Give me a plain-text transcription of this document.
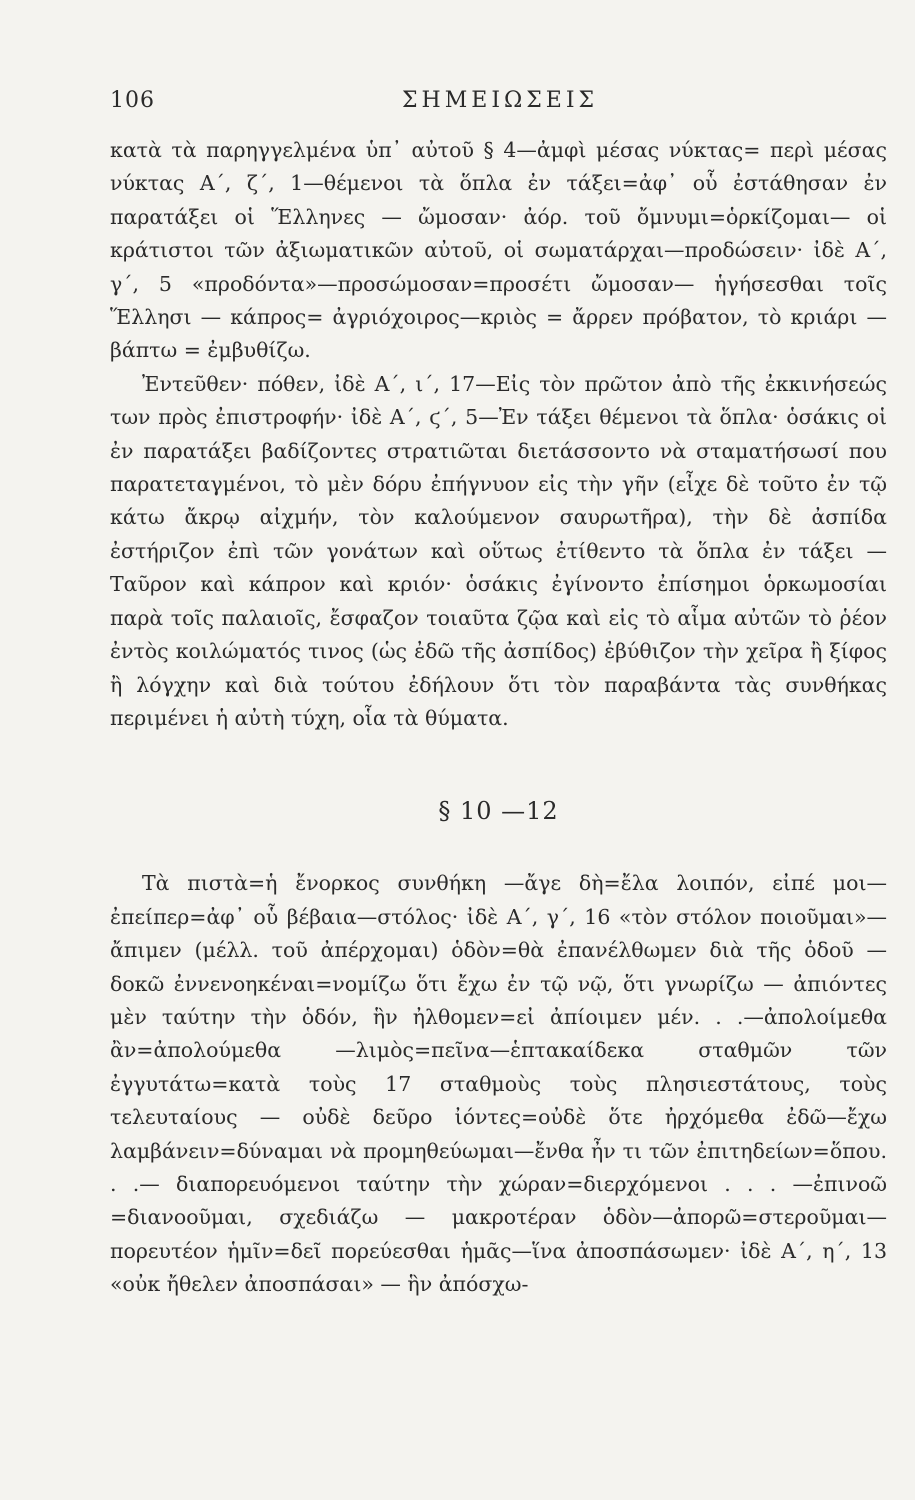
106	ΣΗΜΕΙΩΣΕΙΣ

κατὰ τὰ παρηγγελμένα ὑπ᾽ αὐτοῦ § 4—ἀμφὶ μέσας νύκτας= περὶ μέσας νύκτας Α΄, ζ΄, 1—θέμενοι τὰ ὅπλα ἐν τάξει=ἀφ᾽ οὗ ἐστάθησαν ἐν παρατάξει οἱ Ἕλληνες — ὤμοσαν· ἀόρ. τοῦ ὄμνυμι=ὁρκίζομαι— οἱ κράτιστοι τῶν ἀξιωματικῶν αὐτοῦ, οἱ σωματάρχαι—προδώσειν· ἰδὲ Α΄, γ΄, 5 «προδόντα»—προσώμοσαν=προσέτι ὤμοσαν— ἡγήσεσθαι τοῖς Ἕλλησι — κάπρος= ἀγριόχοιρος—κριὸς = ἄρρεν πρόβατον, τὸ κριάρι — βάπτω = ἐμβυθίζω.

Ἐντεῦθεν· πόθεν, ἰδὲ Α΄, ι΄, 17—Εἰς τὸν πρῶτον ἀπὸ τῆς ἐκκινήσεώς των πρὸς ἐπιστροφήν· ἰδὲ Α΄, ϛ΄, 5—Ἐν τάξει θέμενοι τὰ ὅπλα· ὁσάκις οἱ ἐν παρατάξει βαδίζοντες στρατιῶται διετάσσοντο νὰ σταματήσωσί που παρατεταγμένοι, τὸ μὲν δόρυ ἐπήγνυον εἰς τὴν γῆν (εἶχε δὲ τοῦτο ἐν τῷ κάτω ἄκρῳ αἰχμήν, τὸν καλούμενον σαυρωτῆρα), τὴν δὲ ἀσπίδα ἐστήριζον ἐπὶ τῶν γονάτων καὶ οὕτως ἐτίθεντο τὰ ὅπλα ἐν τάξει — Ταῦρον καὶ κάπρον καὶ κριόν· ὁσάκις ἐγίνοντο ἐπίσημοι ὁρκωμοσίαι παρὰ τοῖς παλαιοῖς, ἔσφαζον τοιαῦτα ζῷα καὶ εἰς τὸ αἷμα αὐτῶν τὸ ῥέον ἐντὸς κοιλώματός τινος (ὡς ἐδῶ τῆς ἀσπίδος) ἐβύθιζον τὴν χεῖρα ἢ ξίφος ἢ λόγχην καὶ διὰ τούτου ἐδήλουν ὅτι τὸν παραβάντα τὰς συνθήκας περιμένει ἡ αὐτὴ τύχη, οἷα τὰ θύματα.

§ 10 —12

Τὰ πιστὰ=ἡ ἔνορκος συνθήκη —ἄγε δὴ=ἔλα λοιπόν, εἰπέ μοι—ἐπείπερ=ἀφ᾽ οὗ βέβαια—στόλος· ἰδὲ Α΄, γ΄, 16 «τὸν στόλον ποιοῦμαι»—ἄπιμεν (μέλλ. τοῦ ἀπέρχομαι) ὁδὸν=θὰ ἐπανέλθωμεν διὰ τῆς ὁδοῦ — δοκῶ ἐννενοηκέναι=νομίζω ὅτι ἔχω ἐν τῷ νῷ, ὅτι γνωρίζω — ἀπιόντες μὲν ταύτην τὴν ὁδόν, ἣν ἠλθομεν=εἰ ἀπίοιμεν μέν. . .—ἀπολοίμεθα ἂν=ἀπολούμεθα —λιμὸς=πεῖνα—ἑπτακαίδεκα σταθμῶν τῶν ἐγγυτάτω=κατὰ τοὺς 17 σταθμοὺς τοὺς πλησιεστάτους, τοὺς τελευταίους — οὐδὲ δεῦρο ἰόντες=οὐδὲ ὅτε ἠρχόμεθα ἐδῶ—ἔχω λαμβάνειν=δύναμαι νὰ προμηθεύωμαι—ἔνθα ἦν τι τῶν ἐπιτηδείων=ὅπου. . .— διαπορευόμενοι ταύτην τὴν χώραν=διερχόμενοι . . . —ἐπινοῶ =διανοοῦμαι, σχεδιάζω — μακροτέραν ὁδὸν—ἀπορῶ=στεροῦμαι— πορευτέον ἡμῖν=δεῖ πορεύεσθαι ἡμᾶς—ἵνα ἀποσπάσωμεν· ἰδὲ Α΄, η΄, 13 «οὐκ ἤθελεν ἀποσπάσαι» — ἣν ἀπόσχω-
